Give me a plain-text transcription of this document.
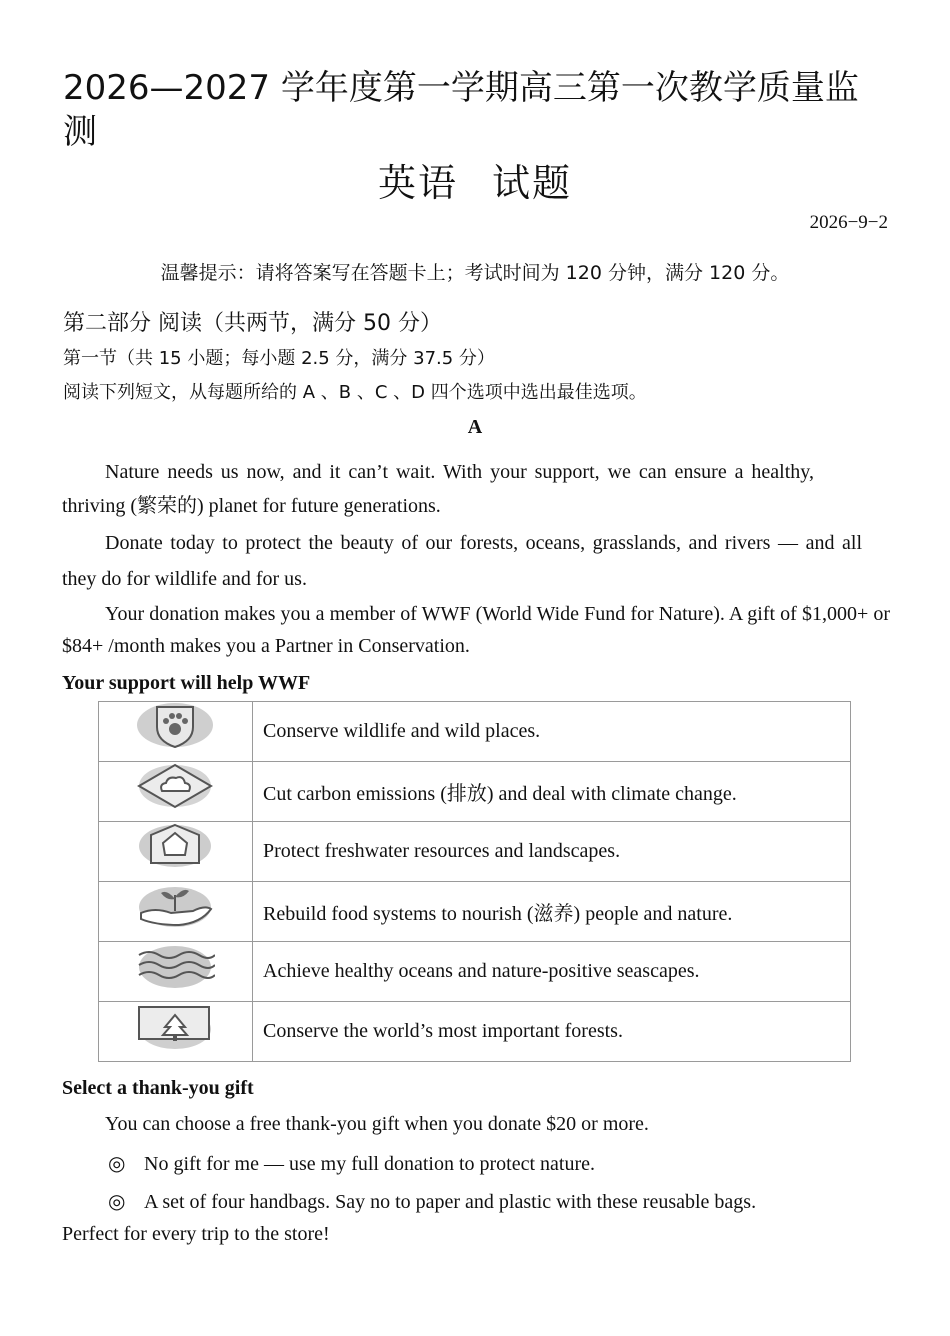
2026—2027 学年度第一学期高三第一次教学质量监测
英语 试题
2026−9−2
温馨提示：请将答案写在答题卡上；考试时间为 120 分钟，满分 120 分。
第二部分 阅读（共两节，满分 50 分）
第一节（共 15 小题；每小题 2.5 分，满分 37.5 分）
阅读下列短文，从每题所给的 A 、B 、C 、D 四个选项中选出最佳选项。
A

Nature needs us now, and it can’t wait. With your support, we can ensure a healthy, thriving (繁荣的) planet for future generations.

Donate today to protect the beauty of our forests, oceans, grasslands, and rivers — and all they do for wildlife and for us.

Your donation makes you a member of WWF (World Wide Fund for Nature). A gift of $1,000+ or $84+ /month makes you a Partner in Conservation.

Your support will help WWF
	Conserve wildlife and wild places.

	Cut carbon emissions (排放) and deal with climate change.

	Protect freshwater resources and landscapes.

	Rebuild food systems to nourish (滋养) people and nature.

	Achieve healthy oceans and nature-positive seascapes.

	Conserve the world’s most important forests.
Select a thank-you gift
You can choose a free thank-you gift when you donate $20 or more.
◎ No gift for me — use my full donation to protect nature.
◎ A set of four handbags. Say no to paper and plastic with these reusable bags.
Perfect for every trip to the store!
